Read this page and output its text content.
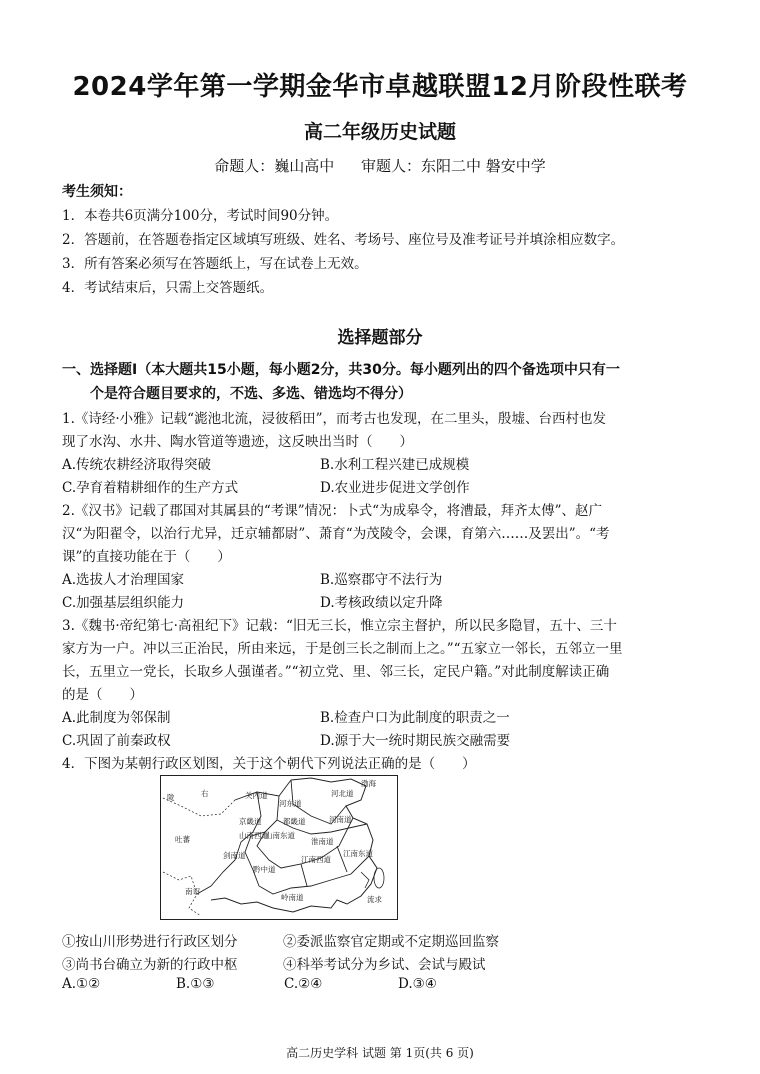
2024学年第一学期金华市卓越联盟12月阶段性联考
高二年级历史试题
命题人：巍山高中 审题人：东阳二中 磐安中学
考生须知：
1．本卷共6页满分100分，考试时间90分钟。
2．答题前，在答题卷指定区域填写班级、姓名、考场号、座位号及准考证号并填涂相应数字。
3．所有答案必须写在答题纸上，写在试卷上无效。
4．考试结束后，只需上交答题纸。
选择题部分
一、选择题Ⅰ（本大题共15小题，每小题2分，共30分。每小题列出的四个备选项中只有一
个是符合题目要求的，不选、多选、错选均不得分）
1.《诗经·小雅》记载“滮池北流，浸彼稻田”，而考古也发现，在二里头，殷墟、台西村也发
现了水沟、水井、陶水管道等遗迹，这反映出当时（　　）
A.传统农耕经济取得突破	B.水利工程兴建已成规模
C.孕育着精耕细作的生产方式	D.农业进步促进文学创作
2.《汉书》记载了郡国对其属县的“考课”情况：卜式“为成皋令，将漕最，拜齐太傅”、赵广
汉“为阳翟令，以治行尤异，迁京辅都尉”、萧育“为茂陵令，会课，育第六……及罢出”。“考
课”的直接功能在于（　　）
A.选拔人才治理国家	B.巡察郡守不法行为
C.加强基层组织能力	D.考核政绩以定升降
3.《魏书·帝纪第七·高祖纪下》记载：“旧无三长，惟立宗主督护，所以民多隐冒，五十、三十
家方为一户。冲以三正治民，所由来远，于是创三长之制而上之。”“五家立一邻长，五邻立一里
长，五里立一党长，长取乡人强谨者。”“初立党、里、邻三长，定民户籍。”对此制度解读正确
的是（　　）
A.此制度为邻保制	B.检查户口为此制度的职责之一
C.巩固了前秦政权	D.源于大一统时期民族交融需要
4．下图为某朝行政区划图，关于这个朝代下列说法正确的是（　　）
陇	右	关内道
河东道
河北道
河南道
剑南道
山南西道
山南东道
淮南道
黔中道
江南西道
江南东道
岭南道
吐蕃
南诏
渤海
京畿道	都畿道
流求
①按山川形势进行行政区划分	②委派监察官定期或不定期巡回监察
③尚书台确立为新的行政中枢	④科举考试分为乡试、会试与殿试
A.①②	B.①③	C.②④	D.③④
高二历史学科 试题 第 1页(共 6 页)
